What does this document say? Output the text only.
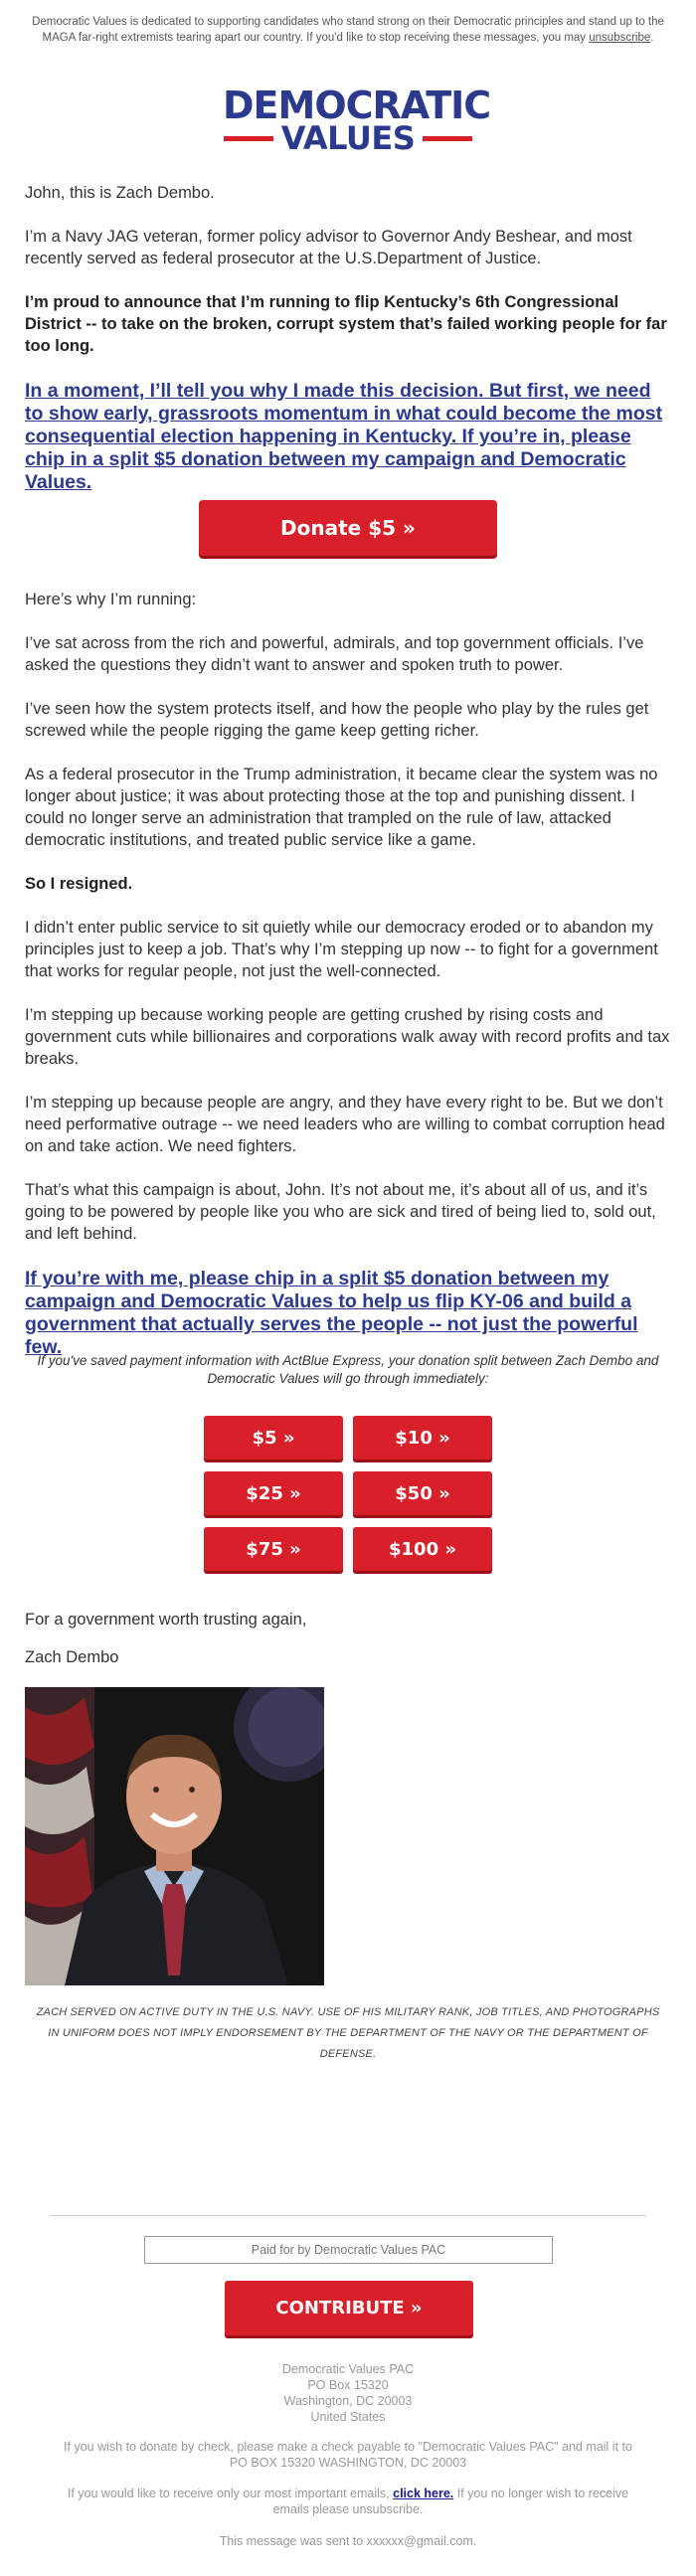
Democratic Values is dedicated to supporting candidates who stand strong on their Democratic principles and stand up to the MAGA far-right extremists tearing apart our country. If you'd like to stop receiving these messages, you may unsubscribe.
DEMOCRATIC
VALUES
John, this is Zach Dembo.
I’m a Navy JAG veteran, former policy advisor to Governor Andy Beshear, and most recently served as federal prosecutor at the U.S.Department of Justice.
I’m proud to announce that I’m running to flip Kentucky’s 6th Congressional District -- to take on the broken, corrupt system that’s failed working people for far too long.
In a moment, I’ll tell you why I made this decision. But first, we need to show early, grassroots momentum in what could become the most consequential election happening in Kentucky. If you’re in, please chip in a split $5 donation between my campaign and Democratic Values.
Donate $5 »
Here’s why I’m running:
I’ve sat across from the rich and powerful, admirals, and top government officials. I’ve asked the questions they didn’t want to answer and spoken truth to power.
I’ve seen how the system protects itself, and how the people who play by the rules get screwed while the people rigging the game keep getting richer.
As a federal prosecutor in the Trump administration, it became clear the system was no longer about justice; it was about protecting those at the top and punishing dissent. I could no longer serve an administration that trampled on the rule of law, attacked democratic institutions, and treated public service like a game.
So I resigned.
I didn’t enter public service to sit quietly while our democracy eroded or to abandon my principles just to keep a job. That’s why I’m stepping up now -- to fight for a government that works for regular people, not just the well-connected.
I’m stepping up because working people are getting crushed by rising costs and government cuts while billionaires and corporations walk away with record profits and tax breaks.
I’m stepping up because people are angry, and they have every right to be. But we don’t need performative outrage -- we need leaders who are willing to combat corruption head on and take action. We need fighters.
That’s what this campaign is about, John. It’s not about me, it’s about all of us, and it’s going to be powered by people like you who are sick and tired of being lied to, sold out, and left behind.
If you’re with me, please chip in a split $5 donation between my campaign and Democratic Values to help us flip KY-06 and build a government that actually serves the people -- not just the powerful few.
If you've saved payment information with ActBlue Express, your donation split between Zach Dembo and Democratic Values will go through immediately:
$5 »	$10 »
$25 »	$50 »
$75 »	$100 »
For a government worth trusting again,
Zach Dembo
ZACH SERVED ON ACTIVE DUTY IN THE U.S. NAVY. USE OF HIS MILITARY RANK, JOB TITLES, AND PHOTOGRAPHS IN UNIFORM DOES NOT IMPLY ENDORSEMENT BY THE DEPARTMENT OF THE NAVY OR THE DEPARTMENT OF DEFENSE.
Paid for by Democratic Values PAC
CONTRIBUTE »
Democratic Values PAC
PO Box 15320
Washington, DC 20003
United States
If you wish to donate by check, please make a check payable to "Democratic Values PAC" and mail it to PO BOX 15320 WASHINGTON, DC 20003
If you would like to receive only our most important emails, click here. If you no longer wish to receive emails please unsubscribe.
This message was sent to xxxxxx@gmail.com.
